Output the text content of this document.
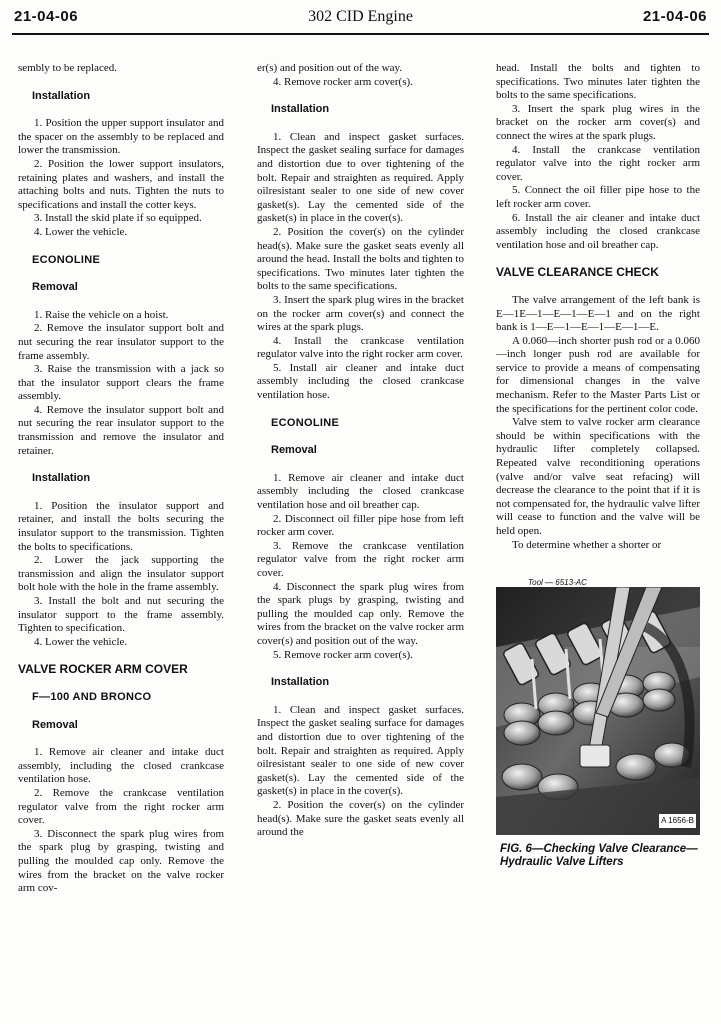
21-04-06	302 CID Engine	21-04-06

sembly to be replaced.

Installation

1. Position the upper support insulator and the spacer on the assembly to be replaced and lower the transmission.

2. Position the lower support insulators, retaining plates and washers, and install the attaching bolts and nuts. Tighten the nuts to specifications and install the cotter keys.

3. Install the skid plate if so equipped.

4. Lower the vehicle.

ECONOLINE
Removal

1. Raise the vehicle on a hoist.

2. Remove the insulator support bolt and nut securing the rear insulator support to the frame assembly.

3. Raise the transmission with a jack so that the insulator support clears the frame assembly.

4. Remove the insulator support bolt and nut securing the rear insulator support to the transmission and remove the insulator and retainer.

Installation

1. Position the insulator support and retainer, and install the bolts securing the insulator support to the transmission. Tighten the bolts to specifications.

2. Lower the jack supporting the transmission and align the insulator support bolt hole with the hole in the frame assembly.

3. Install the bolt and nut securing the insulator support to the frame assembly. Tighten to specification.

4. Lower the vehicle.

VALVE ROCKER ARM COVER
F—100 AND BRONCO
Removal

1. Remove air cleaner and intake duct assembly, including the closed crankcase ventilation hose.

2. Remove the crankcase ventilation regulator valve from the right rocker arm cover.

3. Disconnect the spark plug wires from the spark plug by grasping, twisting and pulling the moulded cap only. Remove the wires from the bracket on the valve rocker arm cov-

er(s) and position out of the way.

4. Remove rocker arm cover(s).

Installation

1. Clean and inspect gasket surfaces. Inspect the gasket sealing surface for damages and distortion due to over tightening of the bolt. Repair and straighten as required. Apply oilresistant sealer to one side of new cover gasket(s). Lay the cemented side of the gasket(s) in place in the cover(s).

2. Position the cover(s) on the cylinder head(s). Make sure the gasket seats evenly all around the head. Install the bolts and tighten to specifications. Two minutes later tighten the bolts to the same specifications.

3. Insert the spark plug wires in the bracket on the rocker arm cover(s) and connect the wires at the spark plugs.

4. Install the crankcase ventilation regulator valve into the right rocker arm cover.

5. Install air cleaner and intake duct assembly including the closed crankcase ventilation hose.

ECONOLINE
Removal

1. Remove air cleaner and intake duct assembly including the closed crankcase ventilation hose and oil breather cap.

2. Disconnect oil filler pipe hose from left rocker arm cover.

3. Remove the crankcase ventilation regulator valve from the right rocker arm cover.

4. Disconnect the spark plug wires from the spark plugs by grasping, twisting and pulling the moulded cap only. Remove the wires from the bracket on the valve rocker arm cover(s) and position out of the way.

5. Remove rocker arm cover(s).

Installation

1. Clean and inspect gasket surfaces. Inspect the gasket sealing surface for damages and distortion due to over tightening of the bolt. Repair and straighten as required. Apply oilresistant sealer to one side of new cover gasket(s). Lay the cemented side of the gasket(s) in place in the cover(s).

2. Position the cover(s) on the cylinder head(s). Make sure the gasket seats evenly all around the

head. Install the bolts and tighten to specifications. Two minutes later tighten the bolts to the same specifications.

3. Insert the spark plug wires in the bracket on the rocker arm cover(s) and connect the wires at the spark plugs.

4. Install the crankcase ventilation regulator valve into the right rocker arm cover.

5. Connect the oil filler pipe hose to the left rocker arm cover.

6. Install the air cleaner and intake duct assembly including the closed crankcase ventilation hose and oil breather cap.

VALVE CLEARANCE CHECK

The valve arrangement of the left bank is E—1E—1—E—1—E—1 and on the right bank is 1—E—1—E—1—E—1—E.

A 0.060—inch shorter push rod or a 0.060—inch longer push rod are available for service to provide a means of compensating for dimensional changes in the valve mechanism. Refer to the Master Parts List or the specifications for the pertinent color code.

Valve stem to valve rocker arm clearance should be within specifications with the hydraulic lifter completely collapsed. Repeated valve reconditioning operations (valve and/or valve seat refacing) will decrease the clearance to the point that if it is not compensated for, the hydraulic valve lifter will cease to function and the valve will be held open.

To determine whether a shorter or

Tool — 6513-AC
A 1656-B
FIG. 6—Checking Valve Clearance—Hydraulic Valve Lifters
